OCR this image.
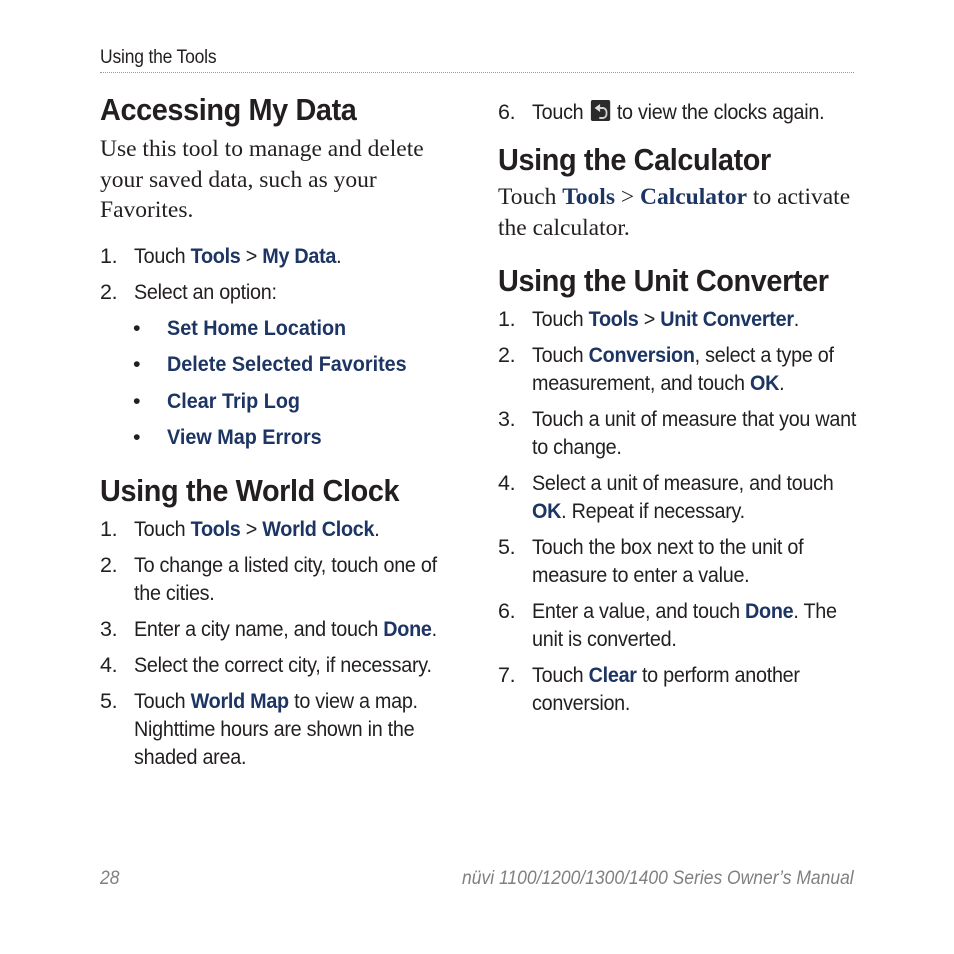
Using the Tools
Accessing My Data

Use this tool to manage and delete your saved data, such as your Favorites.

1. Touch Tools > My Data.
2. Select an option:
• Set Home Location
• Delete Selected Favorites
• Clear Trip Log
• View Map Errors
Using the World Clock
1. Touch Tools > World Clock.
2. To change a listed city, touch one of the cities.
3. Enter a city name, and touch Done.
4. Select the correct city, if necessary.
5. Touch World Map to view a map. Nighttime hours are shown in the shaded area.
6. Touch  to view the clocks again.
Using the Calculator

Touch Tools > Calculator to activate the calculator.

Using the Unit Converter
1. Touch Tools > Unit Converter.
2. Touch Conversion, select a type of measurement, and touch OK.
3. Touch a unit of measure that you want to change.
4. Select a unit of measure, and touch OK. Repeat if necessary.
5. Touch the box next to the unit of measure to enter a value.
6. Enter a value, and touch Done. The unit is converted.
7. Touch Clear to perform another conversion.
28	nüvi 1100/1200/1300/1400 Series Owner’s Manual
